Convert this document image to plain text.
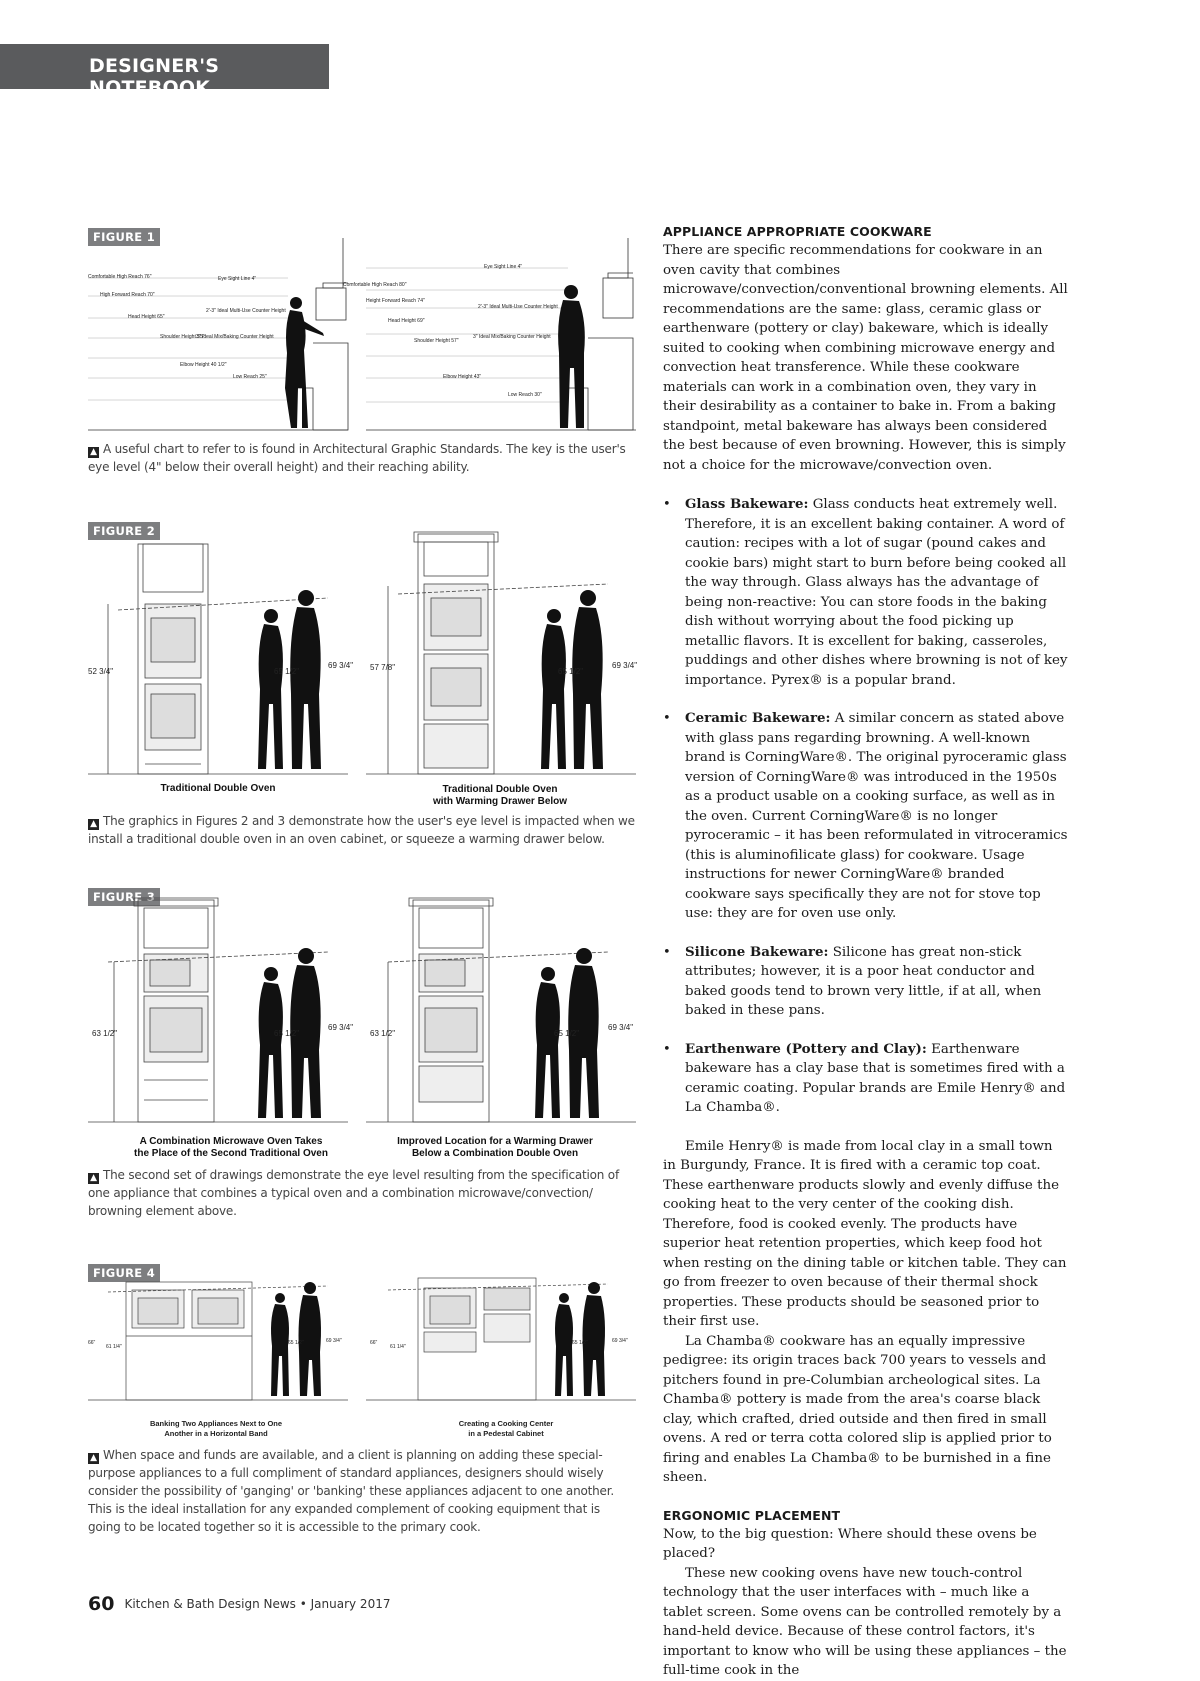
DESIGNER'S NOTEBOOK
FIGURE 1
Comfortable High Reach 76"
High Forward Reach 70"
Head Height 65"
Shoulder Height 55"
Elbow Height 40 1/2"
Low Reach 25"
Eye Sight Line 4"
2'-3" Ideal Multi-Use Counter Height
3" Ideal Mix/Baking Counter Height
Eye Sight Line 4"
Comfortable High Reach 80"
Height Forward Reach 74"
Head Height 69"
Shoulder Height 57"
Elbow Height 43"
Low Reach 30"
2'-3" Ideal Multi-Use Counter Height
3" Ideal Mix/Baking Counter Height
▲ A useful chart to refer to is found in Architectural Graphic Standards. The key is the user's eye level (4" below their overall height) and their reaching ability.
FIGURE 2
52 3/4"	65 1/2"
69 3/4" 57 7/8"	65 1/2"
69 3/4"
Traditional Double Oven	Traditional Double Oven
with Warming Drawer Below
▲ The graphics in Figures 2 and 3 demonstrate how the user's eye level is impacted when we install a traditional double oven in an oven cabinet, or squeeze a warming drawer below.
FIGURE 3
63 1/2"	65 1/2"
69 3/4"
63 1/2"	65 1/2"
69 3/4"
A Combination Microwave Oven Takes
the Place of the Second Traditional Oven
Improved Location for a Warming Drawer
Below a Combination Double Oven
▲ The second set of drawings demonstrate the eye level resulting from the specification of one appliance that combines a typical oven and a combination microwave/convection/ browning element above.
FIGURE 4
66"
61 1/4"
65 1/2"	69 3/4"	66"
61 1/4"
65 1/2"	69 3/4"
Banking Two Appliances Next to One
Another in a Horizontal Band
Creating a Cooking Center
in a Pedestal Cabinet
▲ When space and funds are available, and a client is planning on adding these special-purpose appliances to a full compliment of standard appliances, designers should wisely consider the possibility of 'ganging' or 'banking' these appliances adjacent to one another. This is the ideal installation for any expanded complement of cooking equipment that is going to be located together so it is accessible to the primary cook.
APPLIANCE APPROPRIATE COOKWARE

There are specific recommendations for cookware in an oven cavity that combines microwave/convection/conventional browning elements. All recommendations are the same: glass, ceramic glass or earthenware (pottery or clay) bakeware, which is ideally suited to cooking when combining microwave energy and convection heat transference. While these cookware materials can work in a combination oven, they vary in their desirability as a container to bake in. From a baking standpoint, metal bakeware has always been considered the best because of even browning. However, this is simply not a choice for the microwave/convection oven.

• Glass Bakeware: Glass conducts heat extremely well. Therefore, it is an excellent baking container. A word of caution: recipes with a lot of sugar (pound cakes and cookie bars) might start to burn before being cooked all the way through. Glass always has the advantage of being non-reactive: You can store foods in the baking dish without worrying about the food picking up metallic flavors. It is excellent for baking, casseroles, puddings and other dishes where browning is not of key importance. Pyrex® is a popular brand.
• Ceramic Bakeware: A similar concern as stated above with glass pans regarding browning. A well-known brand is CorningWare®. The original pyroceramic glass version of CorningWare® was introduced in the 1950s as a product usable on a cooking surface, as well as in the oven. Current CorningWare® is no longer pyroceramic – it has been reformulated in vitroceramics (this is aluminofilicate glass) for cookware. Usage instructions for newer CorningWare® branded cookware says specifically they are not for stove top use: they are for oven use only.
• Silicone Bakeware: Silicone has great non-stick attributes; however, it is a poor heat conductor and baked goods tend to brown very little, if at all, when baked in these pans.
• Earthenware (Pottery and Clay): Earthenware bakeware has a clay base that is sometimes fired with a ceramic coating. Popular brands are Emile Henry® and La Chamba®.

Emile Henry® is made from local clay in a small town in Burgundy, France. It is fired with a ceramic top coat. These earthenware products slowly and evenly diffuse the cooking heat to the very center of the cooking dish. Therefore, food is cooked evenly. The products have superior heat retention properties, which keep food hot when resting on the dining table or kitchen table. They can go from freezer to oven because of their thermal shock properties. These products should be seasoned prior to their first use.

La Chamba® cookware has an equally impressive pedigree: its origin traces back 700 years to vessels and pitchers found in pre-Columbian archeological sites. La Chamba® pottery is made from the area's coarse black clay, which crafted, dried outside and then fired in small ovens. A red or terra cotta colored slip is applied prior to firing and enables La Chamba® to be burnished in a fine sheen.

ERGONOMIC PLACEMENT

Now, to the big question: Where should these ovens be placed?

These new cooking ovens have new touch-control technology that the user interfaces with – much like a tablet screen. Some ovens can be controlled remotely by a hand-held device. Because of these control factors, it's important to know who will be using these appliances – the full-time cook in the

60 Kitchen & Bath Design News • January 2017
